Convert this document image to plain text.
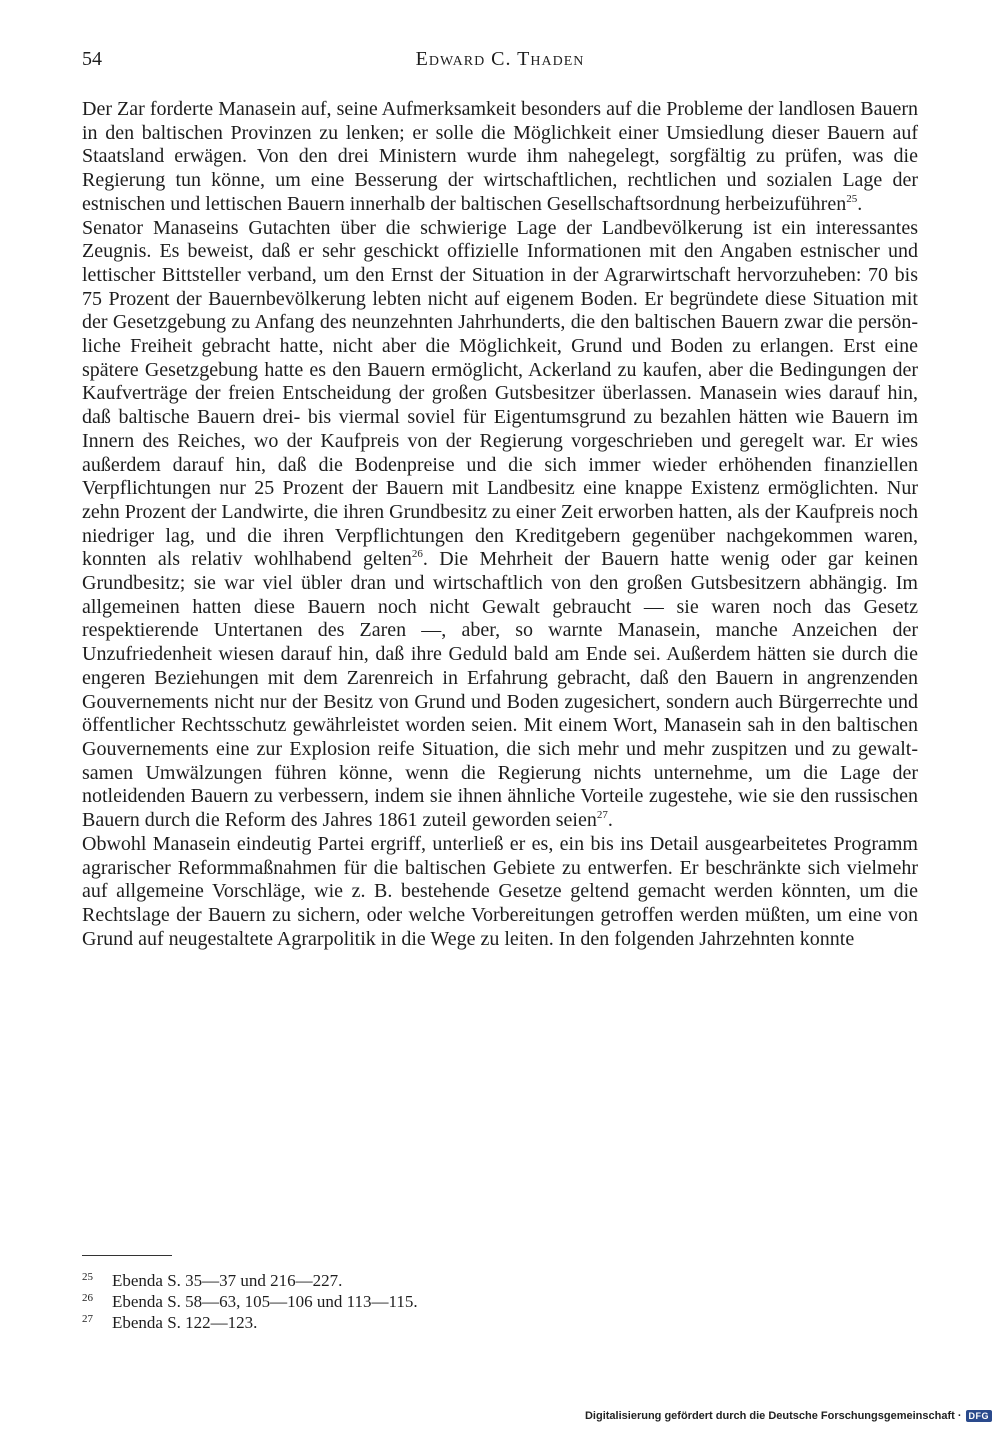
54	Edward C. Thaden

Der Zar forderte Manasein auf, seine Aufmerksamkeit besonders auf die Probleme der landlosen Bauern in den baltischen Provinzen zu lenken; er solle die Möglichkeit einer Umsiedlung dieser Bauern auf Staatsland erwägen. Von den drei Ministern wurde ihm nahegelegt, sorgfältig zu prüfen, was die Regierung tun könne, um eine Besserung der wirtschaftlichen, rechtlichen und sozialen Lage der estnischen und lettischen Bauern innerhalb der baltischen Gesellschaftsordnung herbeizuführen$^{25}$.

Senator Manaseins Gutachten über die schwierige Lage der Landbevölkerung ist ein interessantes Zeugnis. Es beweist, daß er sehr geschickt offizielle Informationen mit den Angaben estnischer und lettischer Bittsteller verband, um den Ernst der Situation in der Agrarwirtschaft hervorzuheben: 70 bis 75 Prozent der Bauernbevölkerung lebten nicht auf eigenem Boden. Er begründete diese Situation mit der Gesetzgebung zu Anfang des neunzehnten Jahrhunderts, die den baltischen Bauern zwar die persönliche Freiheit gebracht hatte, nicht aber die Möglichkeit, Grund und Boden zu erlangen. Erst eine spätere Gesetzgebung hatte es den Bauern ermöglicht, Ackerland zu kaufen, aber die Bedingungen der Kaufverträge der freien Entscheidung der großen Gutsbesitzer überlassen. Manasein wies darauf hin, daß baltische Bauern drei- bis viermal soviel für Eigentumsgrund zu bezahlen hätten wie Bauern im Innern des Reiches, wo der Kaufpreis von der Regierung vorgeschrieben und geregelt war. Er wies außerdem darauf hin, daß die Bodenpreise und die sich immer wieder erhöhenden finanziellen Verpflichtungen nur 25 Prozent der Bauern mit Landbesitz eine knappe Existenz ermöglichten. Nur zehn Prozent der Landwirte, die ihren Grundbesitz zu einer Zeit erworben hatten, als der Kaufpreis noch niedriger lag, und die ihren Verpflichtungen den Kreditgebern gegenüber nachgekommen waren, konnten als relativ wohlhabend gelten$^{26}$. Die Mehrheit der Bauern hatte wenig oder gar keinen Grundbesitz; sie war viel übler dran und wirtschaftlich von den großen Gutsbesitzern abhängig. Im allgemeinen hatten diese Bauern noch nicht Gewalt gebraucht — sie waren noch das Gesetz respektierende Untertanen des Zaren —, aber, so warnte Manasein, manche Anzeichen der Unzufriedenheit wiesen darauf hin, daß ihre Geduld bald am Ende sei. Außerdem hätten sie durch die engeren Beziehungen mit dem Zarenreich in Erfahrung gebracht, daß den Bauern in angrenzenden Gouvernements nicht nur der Besitz von Grund und Boden zugesichert, sondern auch Bürgerrechte und öffentlicher Rechtsschutz gewährleistet worden seien. Mit einem Wort, Manasein sah in den baltischen Gouvernements eine zur Explosion reife Situation, die sich mehr und mehr zuspitzen und zu gewaltsamen Umwälzungen führen könne, wenn die Regierung nichts unternehme, um die Lage der notleidenden Bauern zu verbessern, indem sie ihnen ähnliche Vorteile zugestehe, wie sie den russischen Bauern durch die Reform des Jahres 1861 zuteil geworden seien$^{27}$.

Obwohl Manasein eindeutig Partei ergriff, unterließ er es, ein bis ins Detail ausgearbeitetes Programm agrarischer Reformmaßnahmen für die baltischen Gebiete zu entwerfen. Er beschränkte sich vielmehr auf allgemeine Vorschläge, wie z. B. bestehende Gesetze geltend gemacht werden könnten, um die Rechtslage der Bauern zu sichern, oder welche Vorbereitungen getroffen werden müßten, um eine von Grund auf neugestaltete Agrarpolitik in die Wege zu leiten. In den folgenden Jahrzehnten konnte

25 Ebenda S. 35—37 und 216—227.

26 Ebenda S. 58—63, 105—106 und 113—115.

27 Ebenda S. 122—123.

Digitalisierung gefördert durch die Deutsche Forschungsgemeinschaft · DFG
